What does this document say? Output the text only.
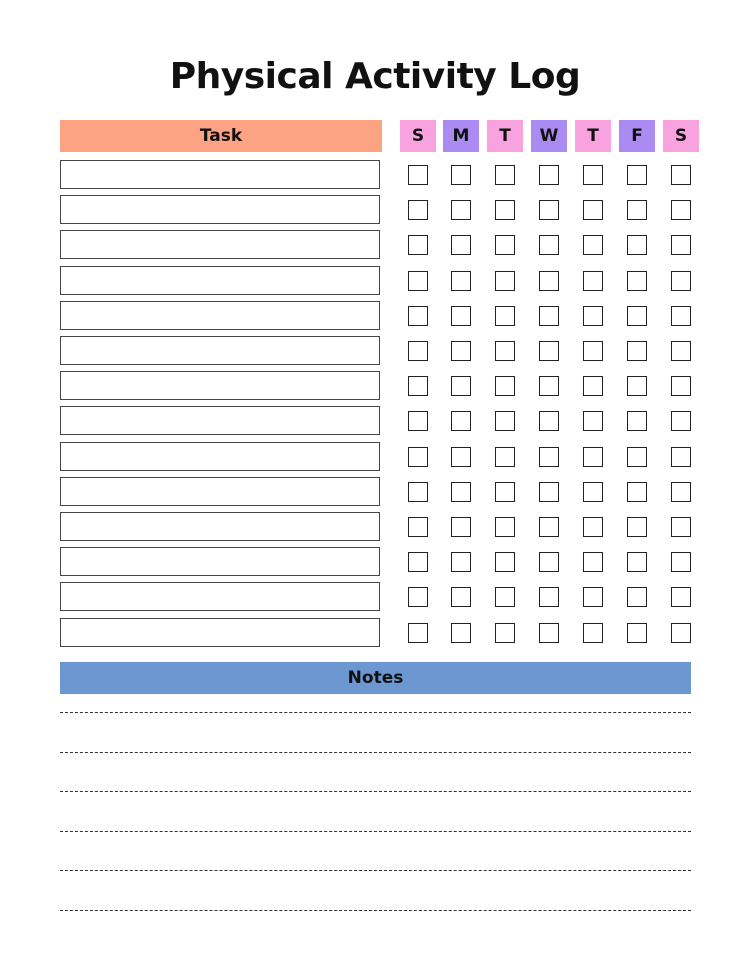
Physical Activity Log
Task	S	M	T	W	T	F	S
Notes
